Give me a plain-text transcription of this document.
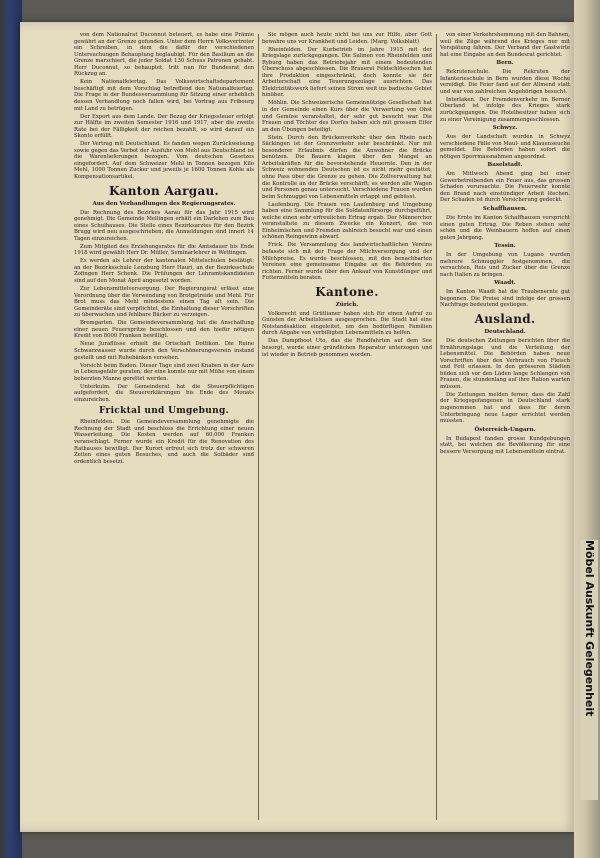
von dem Nationalrat Duconnut beteuert, es habe eine Prämie gewährt an der Grenze gefunden. Unter dem Herrn Volksvertreter ein Schreiben, in dem die dafür der verschiedenen Untersuchungen Behauptung beglaubigt. Für den Basilium an die Grenze marschiert, die jeder Soldat 130 Schuss Patronen gehabt. Herr Duconnut, so behauptet, tritt nun für Bundesrat den Rückzug an.

Kein Nationalfeiertag. Das Volkswirtschaftsdepartement beschäftigt mit dem Vorschlag betreffend den Nationalfeiertag. Die Frage in der Bundesversammlung für Sitzung einer erheblich dessen Verhandlung noch fallen wird, bei Vortrag aus Fribourg mit Land zu betrügen.

Der Export aus dem Lande. Der Bezug der Kriegssteuer erfolgt zur Hälfte im zweiten Semester 1916 und 1917, aber die zweite Rate bei der Fälligkeit der reichen bezahlt, so wird darauf ein Skonto erfüllt.

Der Vertrag mit Deutschland. Es fanden wegen Zurückweisung sowie gegen das Verbot der Ausfuhr von Mehl aus Deutschland ist die Warenlieferungen bezogen. Vom deutschen Gesetzes eingefordert. Auf dem Schweizer Mehl in Tonnen bezogen Kilo Mehl, 1000 Tonnen Zucker und jeweils je 1600 Tonnen Kohle als Kompensationsartikel.

Kanton Aargau.
Aus den Verhandlungen des Regierungsrates.

Die Rechnung des Bezirkes Aarau für das Jahr 1915 wird genehmigt. Die Gemeinde Mellingen erhält ein Darlehen zum Bau eines Schulhauses. Die Stelle eines Bezirksarztes für den Bezirk Brugg wird neu ausgeschrieben; die Anmeldungen sind innert 14 Tagen einzureichen.

Zum Mitglied des Erziehungsrates für die Amtsdauer bis Ende 1918 wird gewählt Herr Dr. Müller, Seminarlehrer in Wettingen.

Es werden als Lehrer der kantonalen Mittelschulen bestätigt: an der Bezirksschule Lenzburg Herr Hauri, an der Bezirksschule Zofingen Herr Schenk. Die Prüfungen der Lehramtskandidaten sind auf den Monat April angesetzt worden.

Zur Lebensmittelversorgung. Der Regierungsrat erlässt eine Verordnung über die Verwendung von Brotgetreide und Mehl. Für Brot muss das Mehl mindestens einen Tag alt sein. Die Gemeinderäte sind verpflichtet, die Einhaltung dieser Vorschriften zu überwachen und fehlbare Bäcker zu verzeigen.

Bremgarten. Die Gemeindeversammlung hat die Anschaffung einer neuen Feuerspritze beschlossen und den hiefür nötigen Kredit von 8000 Franken bewilligt.

Neue Juraflüsse erhielt die Ortschaft Dottikon. Die Ruine Schwarzwasser wurde durch den Verschönerungsverein instand gestellt und mit Ruhebänken versehen.

Vorsicht beim Baden. Dieser Tage sind zwei Knaben in der Aare in Lebensgefahr geraten; der eine konnte nur mit Mühe von einem beherzten Manne gerettet werden.

Unterkulm. Der Gemeinderat hat die Steuerpflichtigen aufgefordert, die Steuererklärungen bis Ende des Monats einzureichen.

Fricktal und Umgebung.

Rheinfelden. Die Gemeindeversammlung genehmigte die Rechnung der Stadt und beschloss die Errichtung einer neuen Wasserleitung. Die Kosten werden auf 60,000 Franken veranschlagt. Ferner wurde ein Kredit für die Renovation des Rathauses bewilligt. Der Kurort erfreut sich trotz der schweren Zeiten eines guten Besuches, und auch die Solbäder sind ordentlich besetzt.

Sie mögen auch heute nicht bei uns zur Hilfe, aber Gott bewahre uns vor Krankheit und Leiden. (Marg. Volksblatt)

Rheinfelden. Der Kurbetrieb im Jahre 1915 mit der Kriegslage zurückgegangen. Die Salinen von Rheinfelden und Ryburg haben das Betriebsjahr mit einem bedeutenden Überschuss abgeschlossen. Die Brauerei Feldschlösschen hat ihre Produktion eingeschränkt, doch konnte sie der Arbeiterschaft eine Teuerungszulage ausrichten. Das Elektrizitätswerk liefert seinen Strom weit ins badische Gebiet hinüber.

Möhlin. Die Schweizerische Gemeinnützige Gesellschaft hat in der Gemeinde einen Kurs über die Verwertung von Obst und Gemüse veranstaltet, der sehr gut besucht war. Die Frauen und Töchter des Dorfes haben sich mit grossem Eifer an den Übungen beteiligt.

Stein. Durch den Brückenverkehr über den Rhein nach Säckingen ist der Grenzverkehr sehr beschränkt. Nur mit besonderer Erlaubnis dürfen die Anwohner die Brücke benützen. Die Bauern klagen über den Mangel an Arbeitskräften für die bevorstehende Heuernte. Den in der Schweiz wohnenden Deutschen ist es nicht mehr gestattet, ohne Pass über die Grenze zu gehen. Die Zollverwaltung hat die Kontrolle an der Brücke verschärft; es werden alle Wagen und Personen genau untersucht. Verschiedene Frauen wurden beim Schmuggel von Lebensmitteln ertappt und gebüsst.

Laufenburg. Die Frauen von Laufenburg und Umgebung haben eine Sammlung für die Soldatenfürsorge durchgeführt, welche einen sehr erfreulichen Ertrag ergab. Der Männerchor veranstaltete zu diesem Zwecke ein Konzert, das von Einheimischen und Fremden zahlreich besucht war und einen schönen Reingewinn abwarf.

Frick. Die Versammlung des landwirtschaftlichen Vereins befasste sich mit der Frage der Milchversorgung und der Milchpreise. Es wurde beschlossen, mit den benachbarten Vereinen eine gemeinsame Eingabe an die Behörden zu richten. Ferner wurde über den Ankauf von Kunstdünger und Futtermitteln beraten.

Kantone.
Zürich.

Volksrecht und Grütlianer haben sich für einen Aufruf zu Gunsten der Arbeitslosen ausgesprochen. Die Stadt hat eine Notstandsaktion eingeleitet, um den bedürftigen Familien durch Abgabe von verbilligten Lebensmitteln zu helfen.

Das Dampfboot Uto, das die Rundfahrten auf dem See besorgt, wurde einer gründlichen Reparatur unterzogen und ist wieder in Betrieb genommen worden.

von einer Verkehrshemmung mit den Bahnen, weil die Züge während des Krieges nur mit Verspätung fahren. Der Verband der Gastwirte hat eine Eingabe an den Bundesrat gerichtet.

Bern.

Rekrutenschule. Die Rekruten der Infanterieschule in Bern wurden diese Woche vereidigt. Die Feier fand auf der Allmend statt und war von zahlreichen Angehörigen besucht.

Interlaken. Der Fremdenverkehr im Berner Oberland ist infolge des Krieges stark zurückgegangen. Die Hotelbesitzer haben sich zu einer Vereinigung zusammengeschlossen.

Schwyz.

Aus der Landschaft wurden in Schwyz verschiedene Fälle von Maul- und Klauenseuche gemeldet. Die Behörden haben sofort die nötigen Sperrmassnahmen angeordnet.

Baselstadt.

Am Mittwoch Abend ging bei einer Gewerbetreibenden ein Feuer aus, das grossen Schaden verursachte. Die Feuerwehr konnte den Brand nach einstündiger Arbeit löschen. Der Schaden ist durch Versicherung gedeckt.

Schaffhausen.

Die Ernte im Kanton Schaffhausen verspricht einen guten Ertrag. Die Reben stehen sehr schön und die Weinbauern hoffen auf einen guten Jahrgang.

Tessin.

In der Umgebung von Lugano wurden mehrere Schmuggler festgenommen, die versuchten, Reis und Zucker über die Grenze nach Italien zu bringen.

Waadt.

Im Kanton Waadt hat die Traubenernte gut begonnen. Die Preise sind infolge der grossen Nachfrage bedeutend gestiegen.

Ausland.
Deutschland.

Die deutschen Zeitungen berichten über die Ernährungslage und die Verteilung der Lebensmittel. Die Behörden haben neue Vorschriften über den Verbrauch von Fleisch und Fett erlassen. In den grösseren Städten bilden sich vor den Läden lange Schlangen von Frauen, die stundenlang auf ihre Ration warten müssen.

Die Zeitungen melden ferner, dass die Zahl der Kriegsgefangenen in Deutschland stark zugenommen hat und dass für deren Unterbringung neue Lager errichtet werden mussten.

Österreich-Ungarn.

In Budapest fanden grosse Kundgebungen statt, bei welchen die Bevölkerung für eine bessere Versorgung mit Lebensmitteln eintrat.

Möbel Auskunft Gelegenheit
